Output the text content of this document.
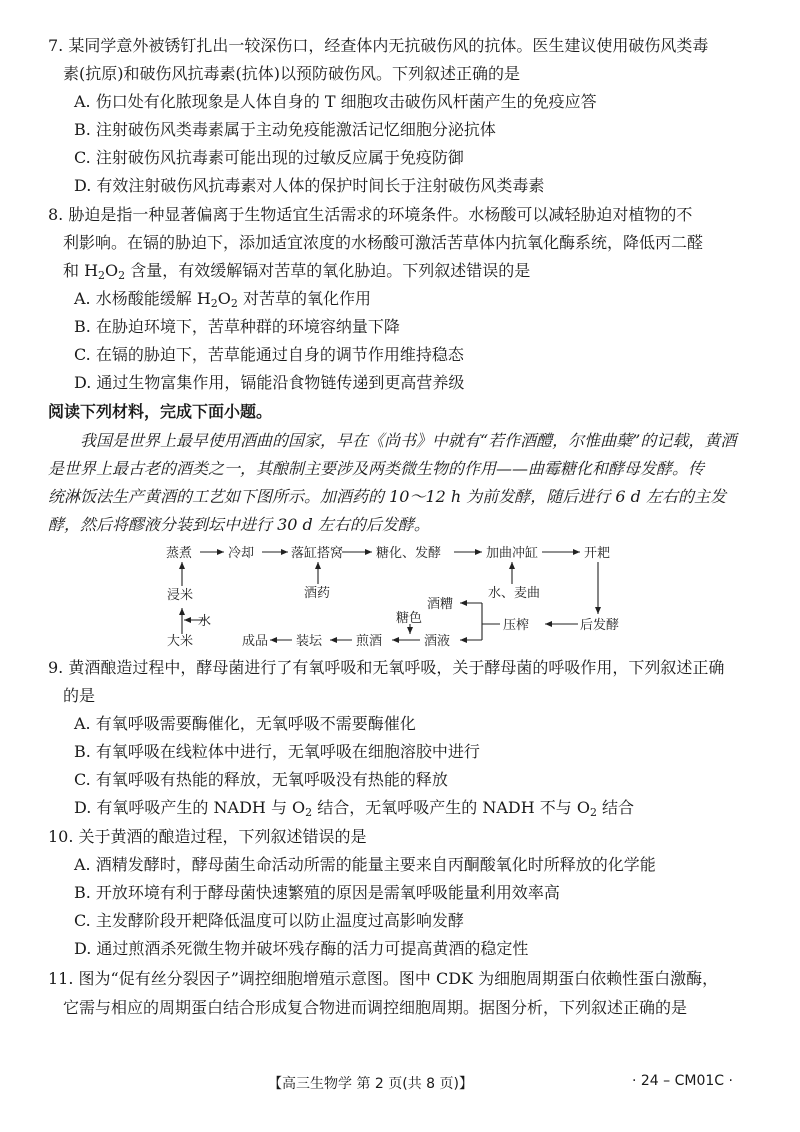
7. 某同学意外被锈钉扎出一较深伤口，经查体内无抗破伤风的抗体。医生建议使用破伤风类毒
素(抗原)和破伤风抗毒素(抗体)以预防破伤风。下列叙述正确的是
A. 伤口处有化脓现象是人体自身的 T 细胞攻击破伤风杆菌产生的免疫应答
B. 注射破伤风类毒素属于主动免疫能激活记忆细胞分泌抗体
C. 注射破伤风抗毒素可能出现的过敏反应属于免疫防御
D. 有效注射破伤风抗毒素对人体的保护时间长于注射破伤风类毒素
8. 胁迫是指一种显著偏离于生物适宜生活需求的环境条件。水杨酸可以减轻胁迫对植物的不
利影响。在镉的胁迫下，添加适宜浓度的水杨酸可激活苦草体内抗氧化酶系统，降低丙二醛
和 $H_2O_2$ 含量，有效缓解镉对苦草的氧化胁迫。下列叙述错误的是
A. 水杨酸能缓解 $H_2O_2$ 对苦草的氧化作用
B. 在胁迫环境下，苦草种群的环境容纳量下降
C. 在镉的胁迫下，苦草能通过自身的调节作用维持稳态
D. 通过生物富集作用，镉能沿食物链传递到更高营养级
阅读下列材料，完成下面小题。
我国是世界上最早使用酒曲的国家，早在《尚书》中就有“若作酒醴，尔惟曲蘖”的记载，黄酒
是世界上最古老的酒类之一，其酿制主要涉及两类微生物的作用——曲霉糖化和酵母发酵。传
统淋饭法生产黄酒的工艺如下图所示。加酒药的 10～12 h 为前发酵，随后进行 6 d 左右的主发
酵，然后将醪液分装到坛中进行 30 d 左右的后发酵。
蒸煮	冷却	落缸搭窝	糖化、发酵	加曲冲缸	开耙
浸米	酒药	水、麦曲
酒糟
压榨	后发酵
水
大米
糖色
成品 装坛	煎酒	酒液
9. 黄酒酿造过程中，酵母菌进行了有氧呼吸和无氧呼吸，关于酵母菌的呼吸作用，下列叙述正确
的是
A. 有氧呼吸需要酶催化，无氧呼吸不需要酶催化
B. 有氧呼吸在线粒体中进行，无氧呼吸在细胞溶胶中进行
C. 有氧呼吸有热能的释放，无氧呼吸没有热能的释放
D. 有氧呼吸产生的 NADH 与 $O_2$ 结合，无氧呼吸产生的 NADH 不与 $O_2$ 结合
10. 关于黄酒的酿造过程，下列叙述错误的是
A. 酒精发酵时，酵母菌生命活动所需的能量主要来自丙酮酸氧化时所释放的化学能
B. 开放环境有利于酵母菌快速繁殖的原因是需氧呼吸能量利用效率高
C. 主发酵阶段开耙降低温度可以防止温度过高影响发酵
D. 通过煎酒杀死微生物并破坏残存酶的活力可提高黄酒的稳定性
11. 图为“促有丝分裂因子”调控细胞增殖示意图。图中 CDK 为细胞周期蛋白依赖性蛋白激酶，
它需与相应的周期蛋白结合形成复合物进而调控细胞周期。据图分析，下列叙述正确的是
【高三生物学 第 2 页(共 8 页)】	· 24 – CM01C ·
